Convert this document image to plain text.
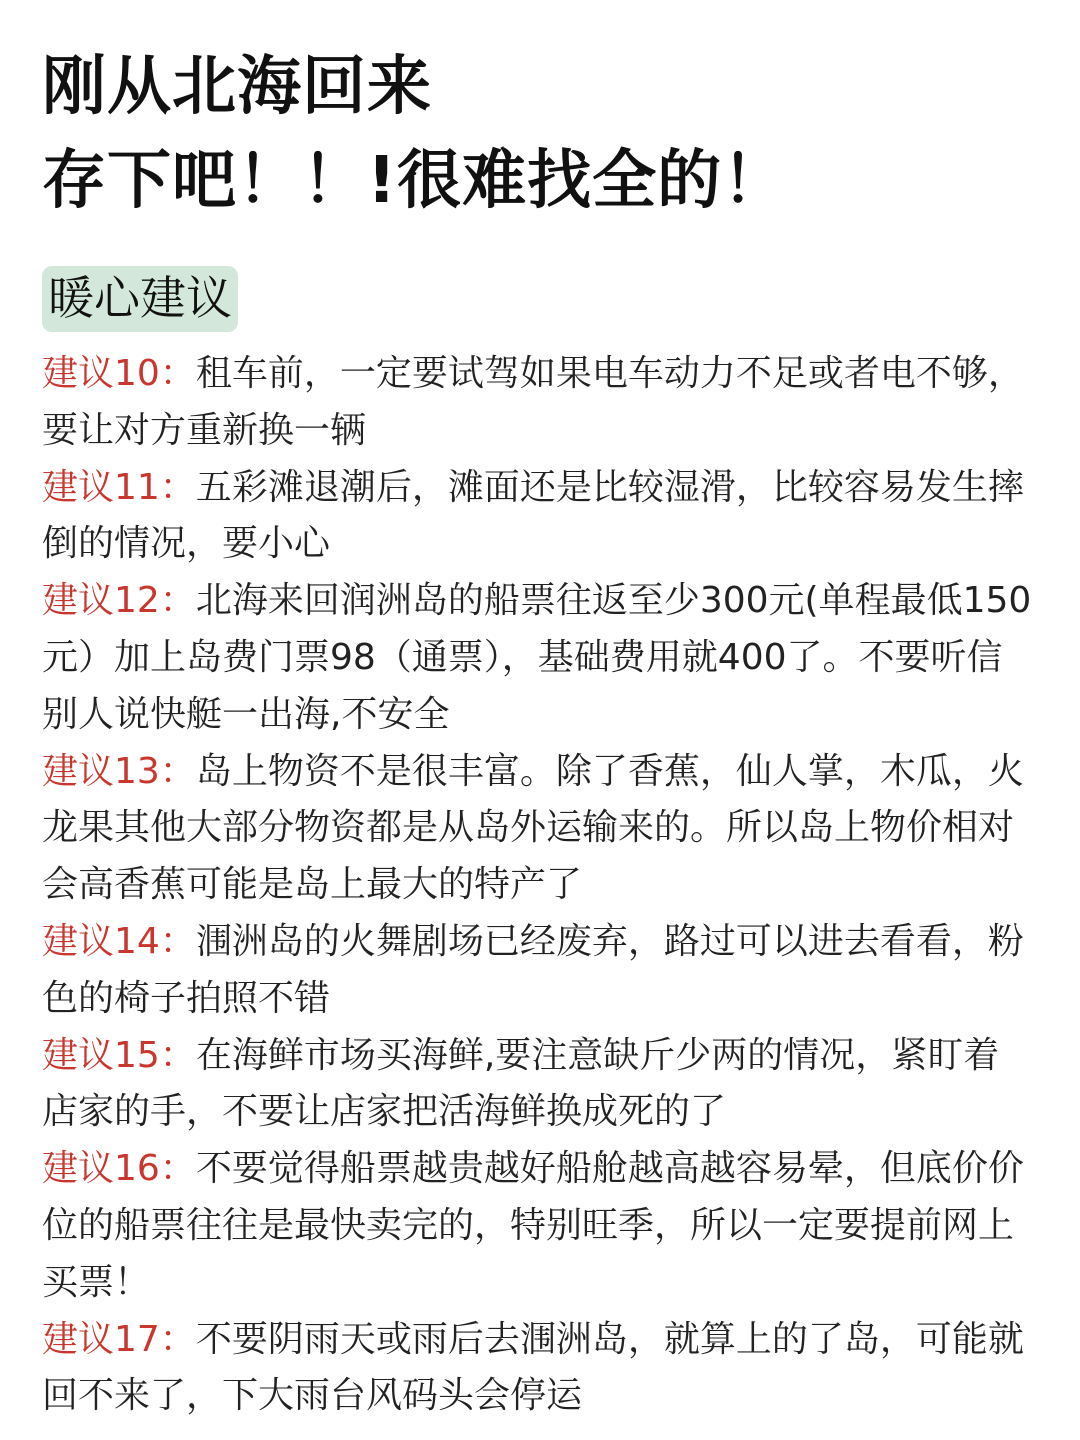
刚从北海回来
存下吧！！!很难找全的！
暖心建议
建议10：租车前，一定要试驾如果电车动力不足或者电不够，要让对方重新换一辆
建议11：五彩滩退潮后，滩面还是比较湿滑，比较容易发生摔倒的情况，要小心
建议12：北海来回润洲岛的船票往返至少300元(单程最低150元）加上岛费门票98（通票），基础费用就400了。不要听信别人说快艇一出海,不安全
建议13：岛上物资不是很丰富。除了香蕉，仙人掌，木瓜，火龙果其他大部分物资都是从岛外运输来的。所以岛上物价相对会高香蕉可能是岛上最大的特产了
建议14：涠洲岛的火舞剧场已经废弃，路过可以进去看看，粉色的椅子拍照不错
建议15：在海鲜市场买海鲜,要注意缺斤少两的情况，紧盯着店家的手，不要让店家把活海鲜换成死的了
建议16：不要觉得船票越贵越好船舱越高越容易晕，但底价价位的船票往往是最快卖完的，特别旺季，所以一定要提前网上买票！
建议17：不要阴雨天或雨后去涠洲岛，就算上的了岛，可能就回不来了，下大雨台风码头会停运
